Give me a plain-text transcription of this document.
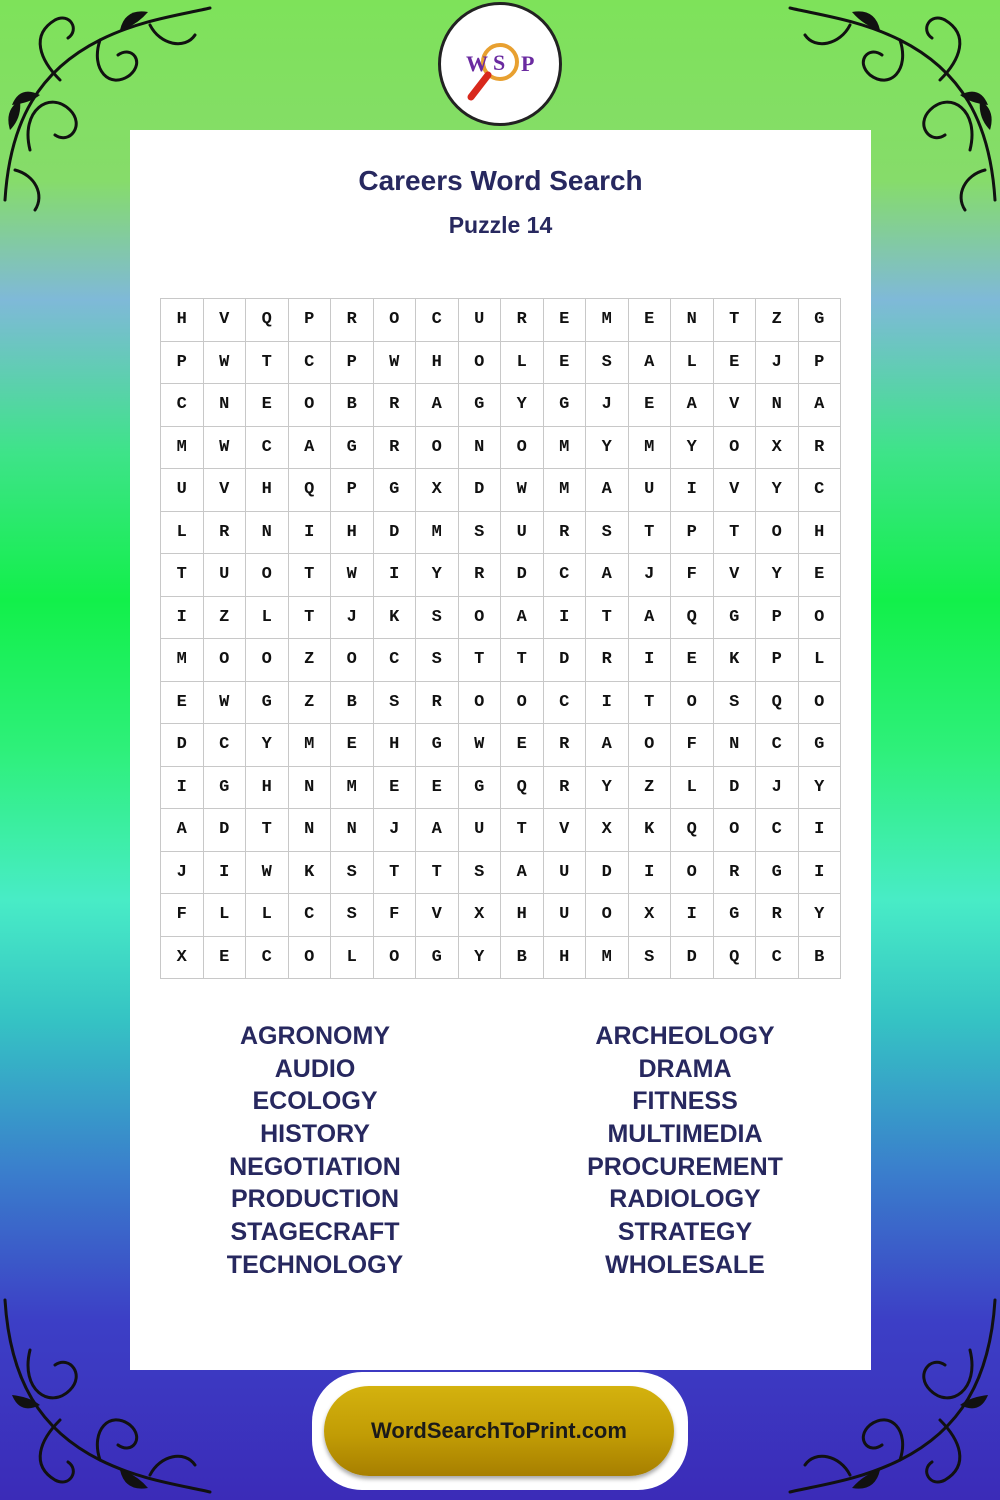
W S P
Careers Word Search
Puzzle 14
H	V	Q	P	R	O	C	U	R	E	M	E	N	T	Z	G
P	W	T	C	P	W	H	O	L	E	S	A	L	E	J	P
C	N	E	O	B	R	A	G	Y	G	J	E	A	V	N	A
M	W	C	A	G	R	O	N	O	M	Y	M	Y	O	X	R
U	V	H	Q	P	G	X	D	W	M	A	U	I	V	Y	C
L	R	N	I	H	D	M	S	U	R	S	T	P	T	O	H
T	U	O	T	W	I	Y	R	D	C	A	J	F	V	Y	E
I	Z	L	T	J	K	S	O	A	I	T	A	Q	G	P	O
M	O	O	Z	O	C	S	T	T	D	R	I	E	K	P	L
E	W	G	Z	B	S	R	O	O	C	I	T	O	S	Q	O
D	C	Y	M	E	H	G	W	E	R	A	O	F	N	C	G
I	G	H	N	M	E	E	G	Q	R	Y	Z	L	D	J	Y
A	D	T	N	N	J	A	U	T	V	X	K	Q	O	C	I
J	I	W	K	S	T	T	S	A	U	D	I	O	R	G	I
F	L	L	C	S	F	V	X	H	U	O	X	I	G	R	Y
X	E	C	O	L	O	G	Y	B	H	M	S	D	Q	C	B
AGRONOMY
AUDIO
ECOLOGY
HISTORY
NEGOTIATION
PRODUCTION
STAGECRAFT
TECHNOLOGY
ARCHEOLOGY
DRAMA
FITNESS
MULTIMEDIA
PROCUREMENT
RADIOLOGY
STRATEGY
WHOLESALE
WordSearchToPrint.com
